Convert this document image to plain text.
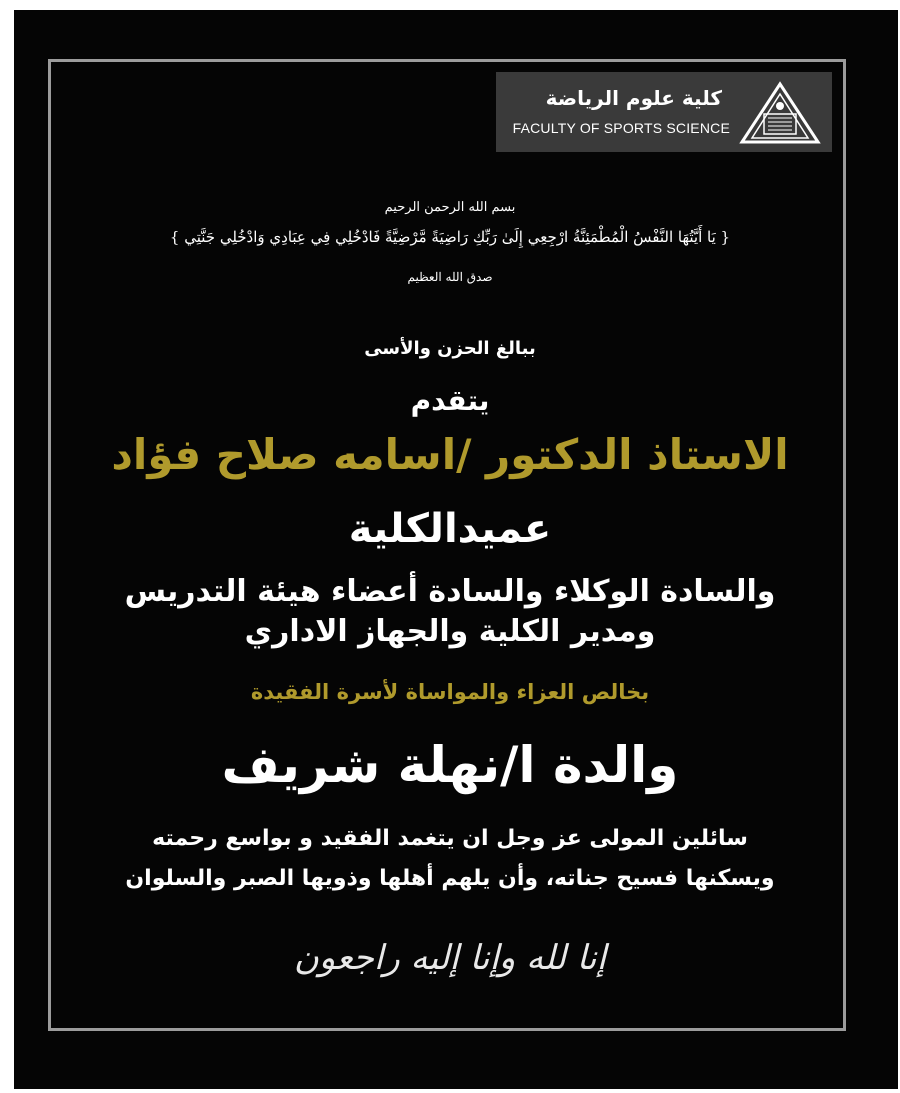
كلية علوم الرياضة
FACULTY OF SPORTS SCIENCE
بسم الله الرحمن الرحيم
{ يَا أَيَّتُهَا النَّفْسُ الْمُطْمَئِنَّةُ ارْجِعِي إِلَىٰ رَبِّكِ رَاضِيَةً مَّرْضِيَّةً فَادْخُلِي فِي عِبَادِي وَادْخُلِي جَنَّتِي }
صدق الله العظيم
ببالغ الحزن والأسى
يتقدم
الاستاذ الدكتور /اسامه صلاح فؤاد
عميدالكلية
والسادة الوكلاء والسادة أعضاء هيئة التدريس
ومدير الكلية والجهاز الاداري
بخالص العزاء والمواساة لأسرة الفقيدة
والدة ا/نهلة شريف
سائلين المولى عز وجل ان يتغمد الفقيد و بواسع رحمته
ويسكنها فسيح جناته، وأن يلهم أهلها وذويها الصبر والسلوان
إنا لله وإنا إليه راجعون
